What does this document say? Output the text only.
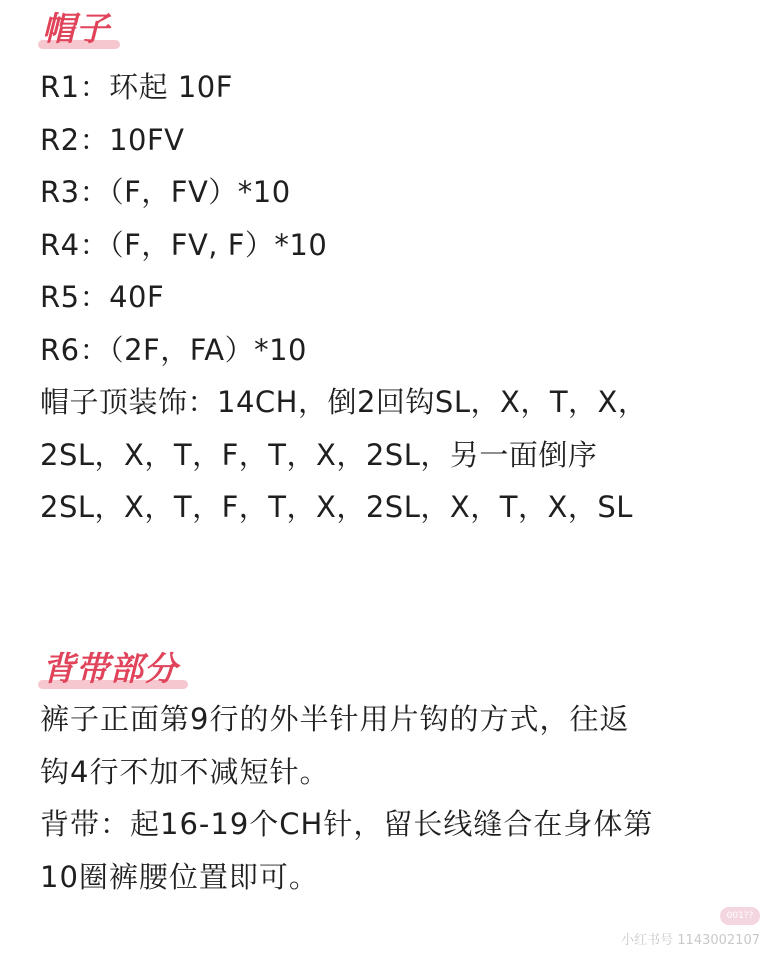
帽子
R1：环起 10F
R2：10FV
R3：（F，FV）*10
R4：（F，FV, F）*10
R5：40F
R6：（2F，FA）*10
帽子顶装饰：14CH，倒2回钩SL，X，T，X，
2SL，X，T，F，T，X，2SL，另一面倒序
2SL，X，T，F，T，X，2SL，X，T，X，SL
背带部分
裤子正面第9行的外半针用片钩的方式，往返
钩4行不加不减短针。
背带：起16-19个CH针，留长线缝合在身体第
10圈裤腰位置即可。
001??
小红书号 1143002107
